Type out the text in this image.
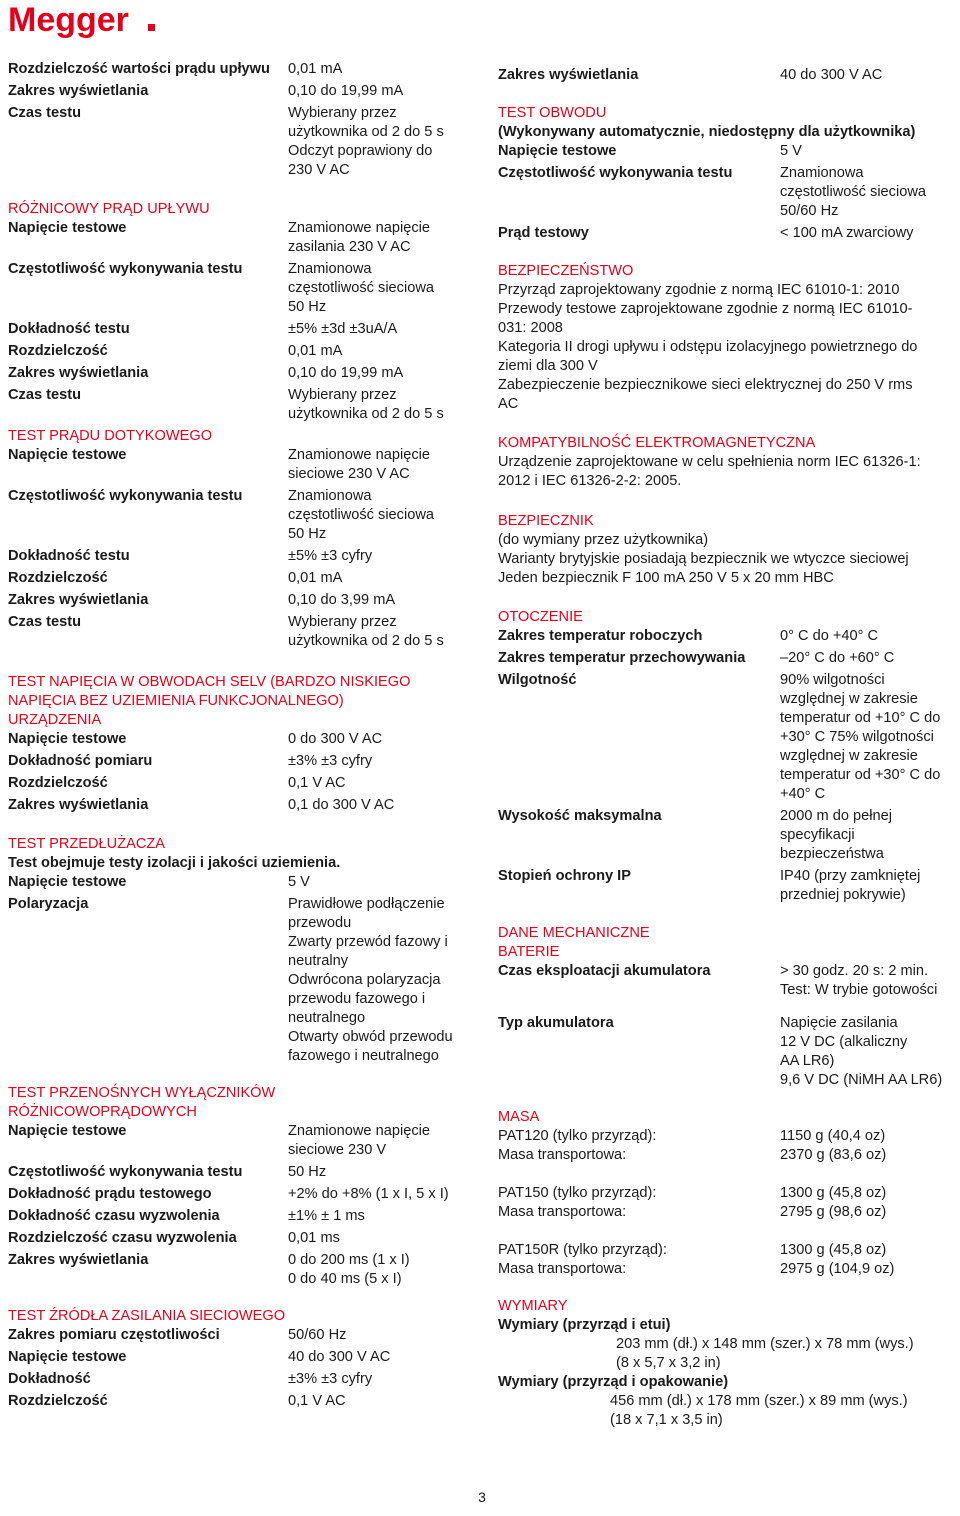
Megger
Rozdzielczość wartości prądu upływu	0,01 mA
Zakres wyświetlania	0,10 do 19,99 mA
Czas testu	Wybierany przez
użytkownika od 2 do 5 s
Odczyt poprawiony do
230 V AC
RÓŻNICOWY PRĄD UPŁYWU
Napięcie testowe	Znamionowe napięcie
zasilania 230 V AC
Częstotliwość wykonywania testu	Znamionowa
częstotliwość sieciowa
50 Hz
Dokładność testu	±5% ±3d ±3uA/A
Rozdzielczość	0,01 mA
Zakres wyświetlania	0,10 do 19,99 mA
Czas testu	Wybierany przez
użytkownika od 2 do 5 s
TEST PRĄDU DOTYKOWEGO
Napięcie testowe	Znamionowe napięcie
sieciowe 230 V AC
Częstotliwość wykonywania testu	Znamionowa
częstotliwość sieciowa
50 Hz
Dokładność testu	±5% ±3 cyfry
Rozdzielczość	0,01 mA
Zakres wyświetlania	0,10 do 3,99 mA
Czas testu	Wybierany przez
użytkownika od 2 do 5 s
TEST NAPIĘCIA W OBWODACH SELV (BARDZO NISKIEGO
NAPIĘCIA BEZ UZIEMIENIA FUNKCJONALNEGO)
URZĄDZENIA
Napięcie testowe	0 do 300 V AC
Dokładność pomiaru	±3% ±3 cyfry
Rozdzielczość	0,1 V AC
Zakres wyświetlania	0,1 do 300 V AC
TEST PRZEDŁUŻACZA

Test obejmuje testy izolacji i jakości uziemienia.

Napięcie testowe	5 V
Polaryzacja	Prawidłowe podłączenie
przewodu
Zwarty przewód fazowy i
neutralny
Odwrócona polaryzacja
przewodu fazowego i
neutralnego
Otwarty obwód przewodu
fazowego i neutralnego
TEST PRZENOŚNYCH WYŁĄCZNIKÓW
RÓŻNICOWOPRĄDOWYCH
Napięcie testowe	Znamionowe napięcie
sieciowe 230 V
Częstotliwość wykonywania testu	50 Hz
Dokładność prądu testowego	+2% do +8% (1 x I, 5 x I)
Dokładność czasu wyzwolenia	±1% ± 1 ms
Rozdzielczość czasu wyzwolenia	0,01 ms
Zakres wyświetlania	0 do 200 ms (1 x I)
0 do 40 ms (5 x I)
TEST ŹRÓDŁA ZASILANIA SIECIOWEGO
Zakres pomiaru częstotliwości	50/60 Hz
Napięcie testowe	40 do 300 V AC
Dokładność	±3% ±3 cyfry
Rozdzielczość	0,1 V AC
Zakres wyświetlania	40 do 300 V AC
TEST OBWODU

(Wykonywany automatycznie, niedostępny dla użytkownika)

Napięcie testowe	5 V
Częstotliwość wykonywania testu	Znamionowa
częstotliwość sieciowa
50/60 Hz
Prąd testowy	< 100 mA zwarciowy
BEZPIECZEŃSTWO

Przyrząd zaprojektowany zgodnie z normą IEC 61010-1: 2010
Przewody testowe zaprojektowane zgodnie z normą IEC 61010-
031: 2008
Kategoria II drogi upływu i odstępu izolacyjnego powietrznego do
ziemi dla 300 V
Zabezpieczenie bezpiecznikowe sieci elektrycznej do 250 V rms
AC

KOMPATYBILNOŚĆ ELEKTROMAGNETYCZNA

Urządzenie zaprojektowane w celu spełnienia norm IEC 61326-1:
2012 i IEC 61326-2-2: 2005.

BEZPIECZNIK

(do wymiany przez użytkownika)
Warianty brytyjskie posiadają bezpiecznik we wtyczce sieciowej
Jeden bezpiecznik F 100 mA 250 V 5 x 20 mm HBC

OTOCZENIE
Zakres temperatur roboczych	0° C do +40° C
Zakres temperatur przechowywania	–20° C do +60° C
Wilgotność	90% wilgotności
względnej w zakresie
temperatur od +10° C do
+30° C 75% wilgotności
względnej w zakresie
temperatur od +30° C do
+40° C
Wysokość maksymalna	2000 m do pełnej
specyfikacji
bezpieczeństwa
Stopień ochrony IP	IP40 (przy zamkniętej
przedniej pokrywie)
DANE MECHANICZNE
BATERIE
Czas eksploatacji akumulatora	> 30 godz. 20 s: 2 min.
Test: W trybie gotowości
Typ akumulatora	Napięcie zasilania
12 V DC (alkaliczny
AA LR6)
9,6 V DC (NiMH AA LR6)
MASA
PAT120 (tylko przyrząd):	1150 g (40,4 oz)
Masa transportowa:	2370 g (83,6 oz)
PAT150 (tylko przyrząd):	1300 g (45,8 oz)
Masa transportowa:	2795 g (98,6 oz)
PAT150R (tylko przyrząd):	1300 g (45,8 oz)
Masa transportowa:	2975 g (104,9 oz)
WYMIARY
Wymiary (przyrząd i etui)
203 mm (dł.) x 148 mm (szer.) x 78 mm (wys.)
(8 x 5,7 x 3,2 in)
Wymiary (przyrząd i opakowanie)
456 mm (dł.) x 178 mm (szer.) x 89 mm (wys.)
(18 x 7,1 x 3,5 in)
3
